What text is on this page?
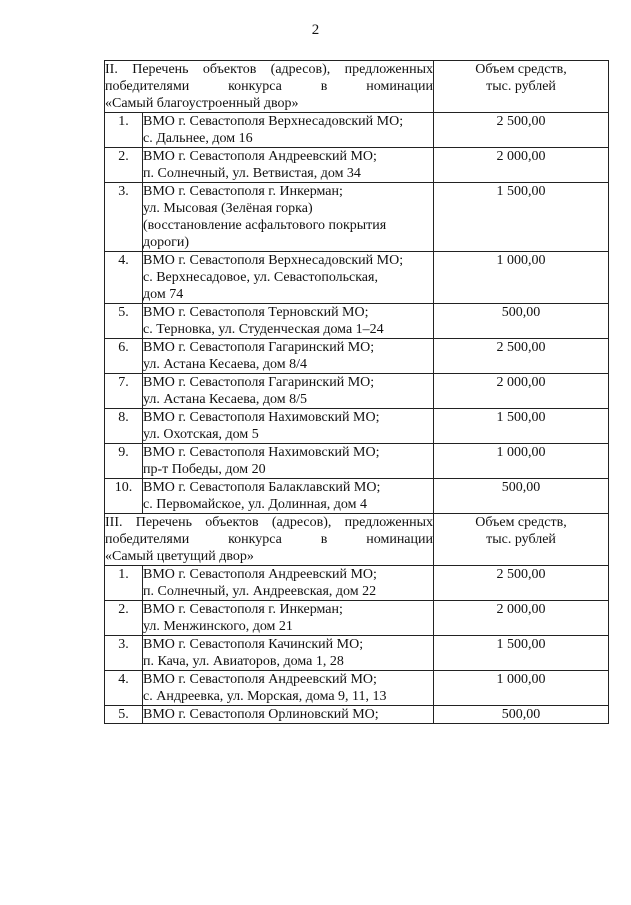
2
II. Перечень объектов (адресов), предложенных
победителями конкурса в номинации
«Самый благоустроенный двор»		Объем средств,
тыс. рублей

1.	ВМО г. Севастополя Верхнесадовский МО;
с. Дальнее, дом 16	2 500,00
2.	ВМО г. Севастополя Андреевский МО;
п. Солнечный, ул. Ветвистая, дом 34	2 000,00
3.	ВМО г. Севастополя г. Инкерман;
ул. Мысовая (Зелёная горка)
(восстановление асфальтового покрытия
дороги)	1 500,00
4.	ВМО г. Севастополя Верхнесадовский МО;
с. Верхнесадовое, ул. Севастопольская,
дом 74	1 000,00
5.	ВМО г. Севастополя Терновский МО;
с. Терновка, ул. Студенческая дома 1–24	500,00
6.	ВМО г. Севастополя Гагаринский МО;
ул. Астана Кесаева, дом 8/4	2 500,00
7.	ВМО г. Севастополя Гагаринский МО;
ул. Астана Кесаева, дом 8/5	2 000,00
8.	ВМО г. Севастополя Нахимовский МО;
ул. Охотская, дом 5	1 500,00
9.	ВМО г. Севастополя Нахимовский МО;
пр-т Победы, дом 20	1 000,00
10.	ВМО г. Севастополя Балаклавский МО;
с. Первомайское, ул. Долинная, дом 4	500,00

III. Перечень объектов (адресов), предложенных
победителями конкурса в номинации
«Самый цветущий двор»		Объем средств,
тыс. рублей

1.	ВМО г. Севастополя Андреевский МО;
п. Солнечный, ул. Андреевская, дом 22	2 500,00
2.	ВМО г. Севастополя г. Инкерман;
ул. Менжинского, дом 21	2 000,00
3.	ВМО г. Севастополя Качинский МО;
п. Кача, ул. Авиаторов, дома 1, 28	1 500,00
4.	ВМО г. Севастополя Андреевский МО;
с. Андреевка, ул. Морская, дома 9, 11, 13	1 000,00
5.	ВМО г. Севастополя Орлиновский МО;	500,00
